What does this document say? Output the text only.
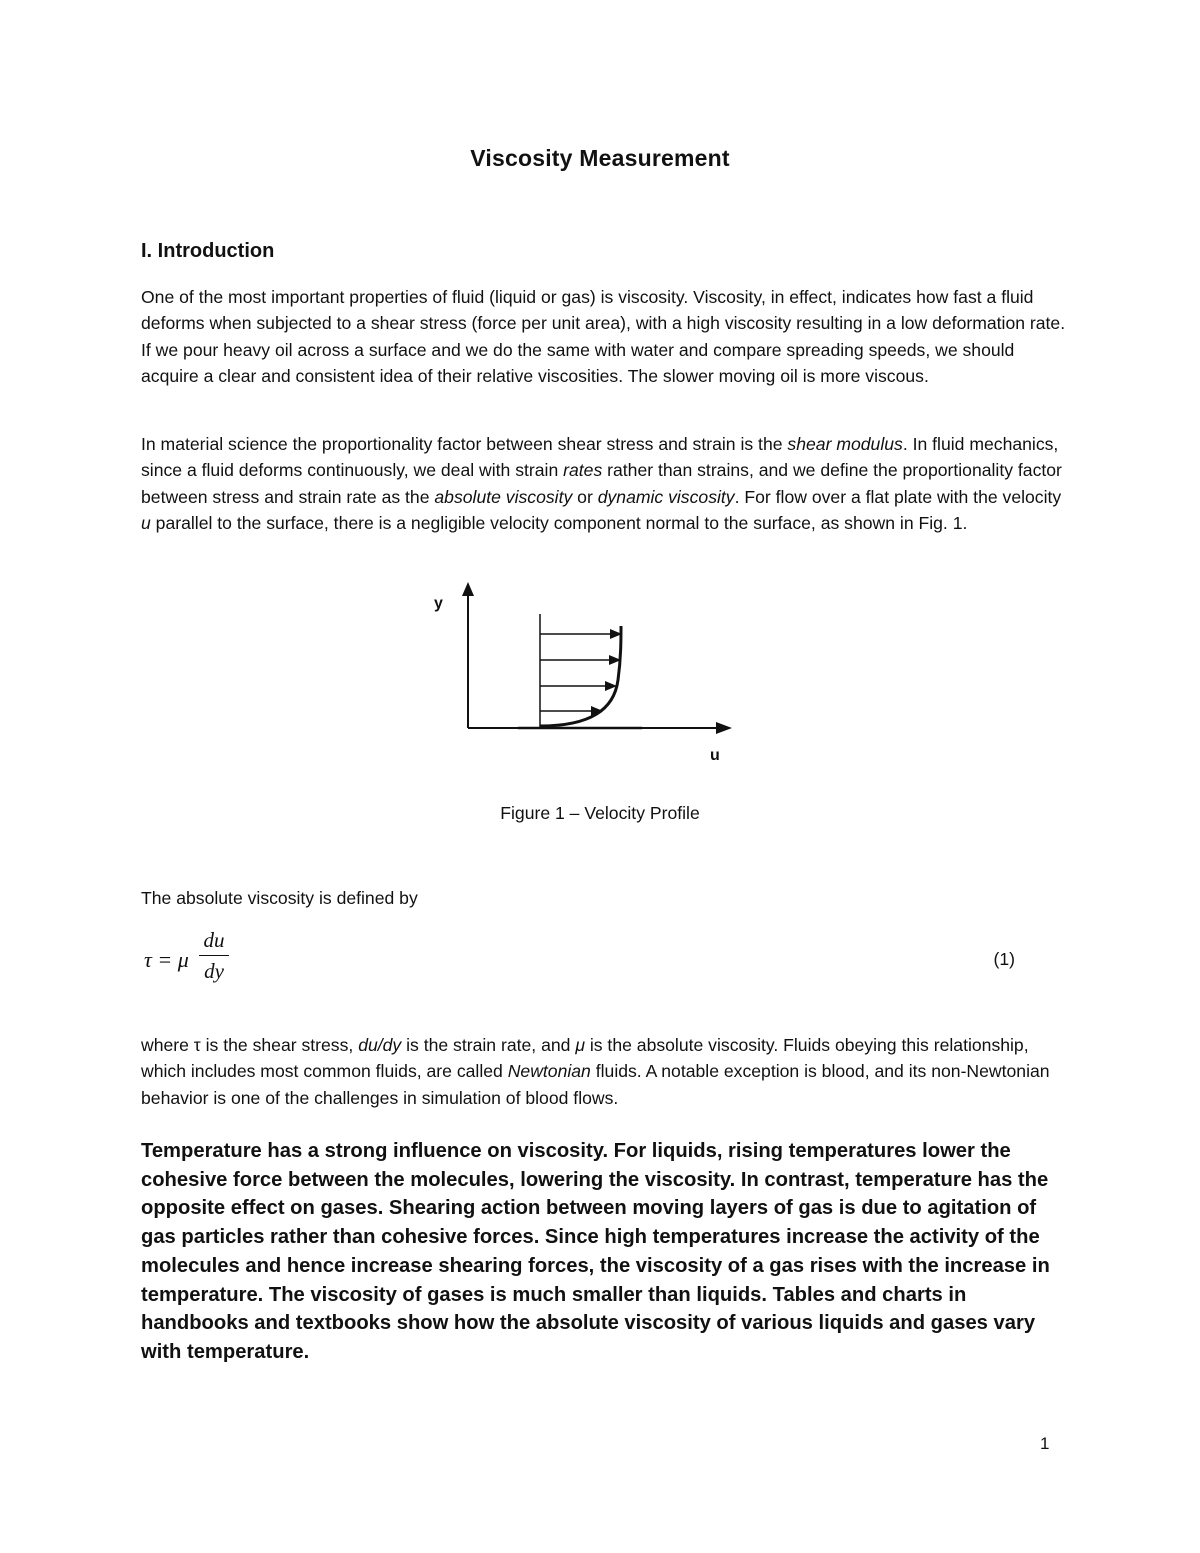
Viscosity Measurement
I. Introduction

One of the most important properties of fluid (liquid or gas) is viscosity. Viscosity, in effect, indicates how fast a fluid deforms when subjected to a shear stress (force per unit area), with a high viscosity resulting in a low deformation rate. If we pour heavy oil across a surface and we do the same with water and compare spreading speeds, we should acquire a clear and consistent idea of their relative viscosities. The slower moving oil is more viscous.

In material science the proportionality factor between shear stress and strain is the shear modulus. In fluid mechanics, since a fluid deforms continuously, we deal with strain rates rather than strains, and we define the proportionality factor between stress and strain rate as the absolute viscosity or dynamic viscosity. For flow over a flat plate with the velocity u parallel to the surface, there is a negligible velocity component normal to the surface, as shown in Fig. 1.

y
u
Figure 1 – Velocity Profile

The absolute viscosity is defined by

τ = μ
du
dy	(1)

where τ is the shear stress, du/dy is the strain rate, and μ is the absolute viscosity. Fluids obeying this relationship, which includes most common fluids, are called Newtonian fluids. A notable exception is blood, and its non-Newtonian behavior is one of the challenges in simulation of blood flows.

Temperature has a strong influence on viscosity. For liquids, rising temperatures lower the cohesive force between the molecules, lowering the viscosity. In contrast, temperature has the opposite effect on gases. Shearing action between moving layers of gas is due to agitation of gas particles rather than cohesive forces. Since high temperatures increase the activity of the molecules and hence increase shearing forces, the viscosity of a gas rises with the increase in temperature. The viscosity of gases is much smaller than liquids. Tables and charts in handbooks and textbooks show how the absolute viscosity of various liquids and gases vary with temperature.

1
